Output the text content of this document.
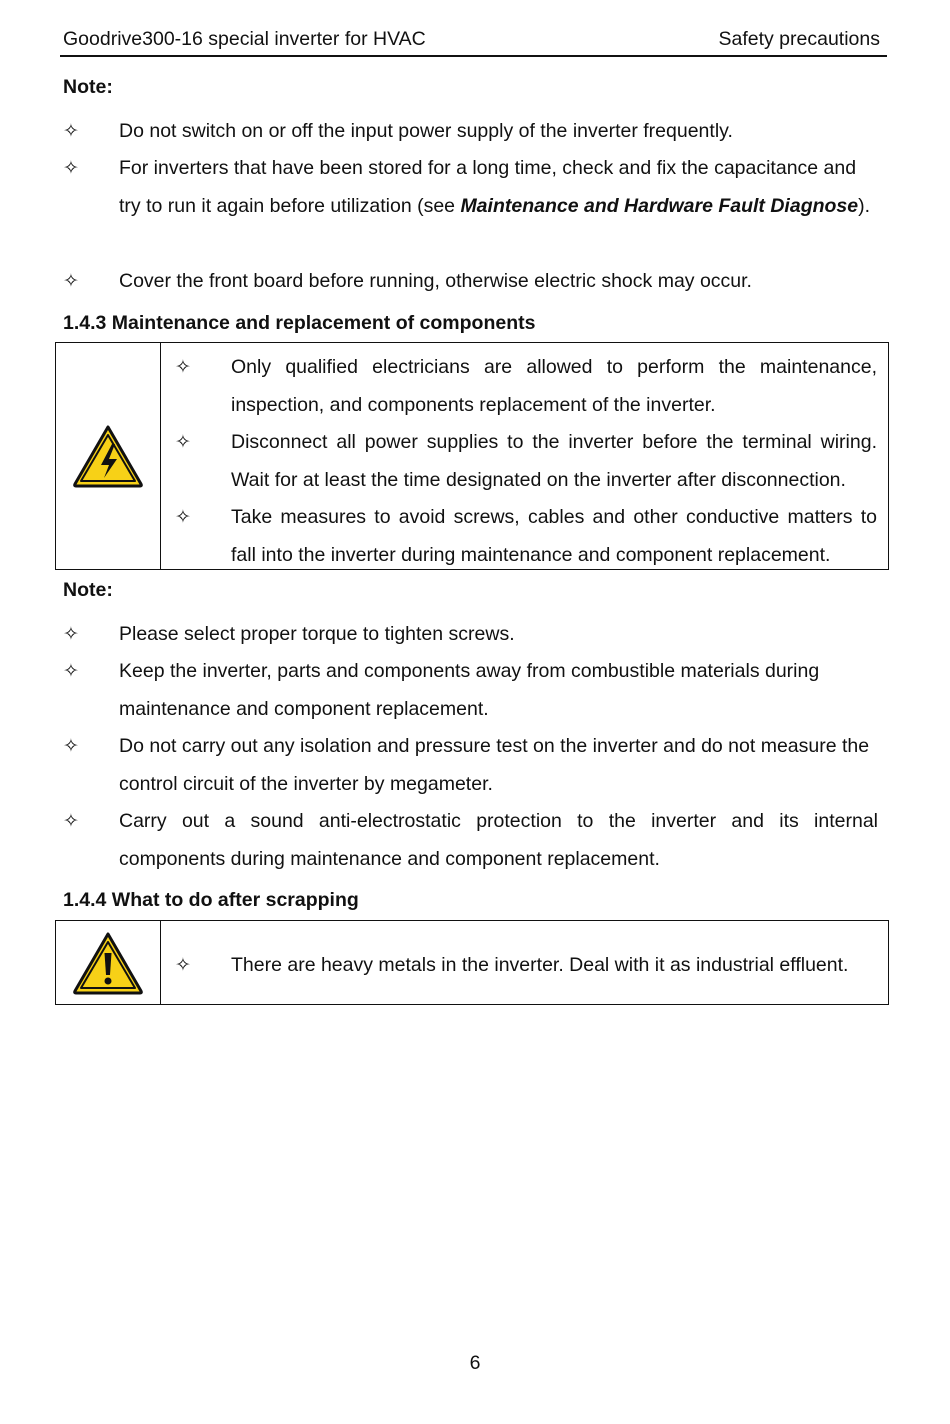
Goodrive300-16 special inverter for HVAC	Safety precautions
Note:
✧ Do not switch on or off the input power supply of the inverter frequently.
✧ For inverters that have been stored for a long time, check and fix the capacitance and try to run it again before utilization (see Maintenance and Hardware Fault Diagnose).
✧ Cover the front board before running, otherwise electric shock may occur.
1.4.3 Maintenance and replacement of components
✧ Only qualified electricians are allowed to perform the maintenance, inspection, and components replacement of the inverter.
✧ Disconnect all power supplies to the inverter before the terminal wiring. Wait for at least the time designated on the inverter after disconnection.
✧ Take measures to avoid screws, cables and other conductive matters to fall into the inverter during maintenance and component replacement.
Note:
✧ Please select proper torque to tighten screws.
✧ Keep the inverter, parts and components away from combustible materials during maintenance and component replacement.
✧ Do not carry out any isolation and pressure test on the inverter and do not measure the control circuit of the inverter by megameter.
✧ Carry out a sound anti-electrostatic protection to the inverter and its internal components during maintenance and component replacement.
1.4.4 What to do after scrapping
✧ There are heavy metals in the inverter. Deal with it as industrial effluent.
6
